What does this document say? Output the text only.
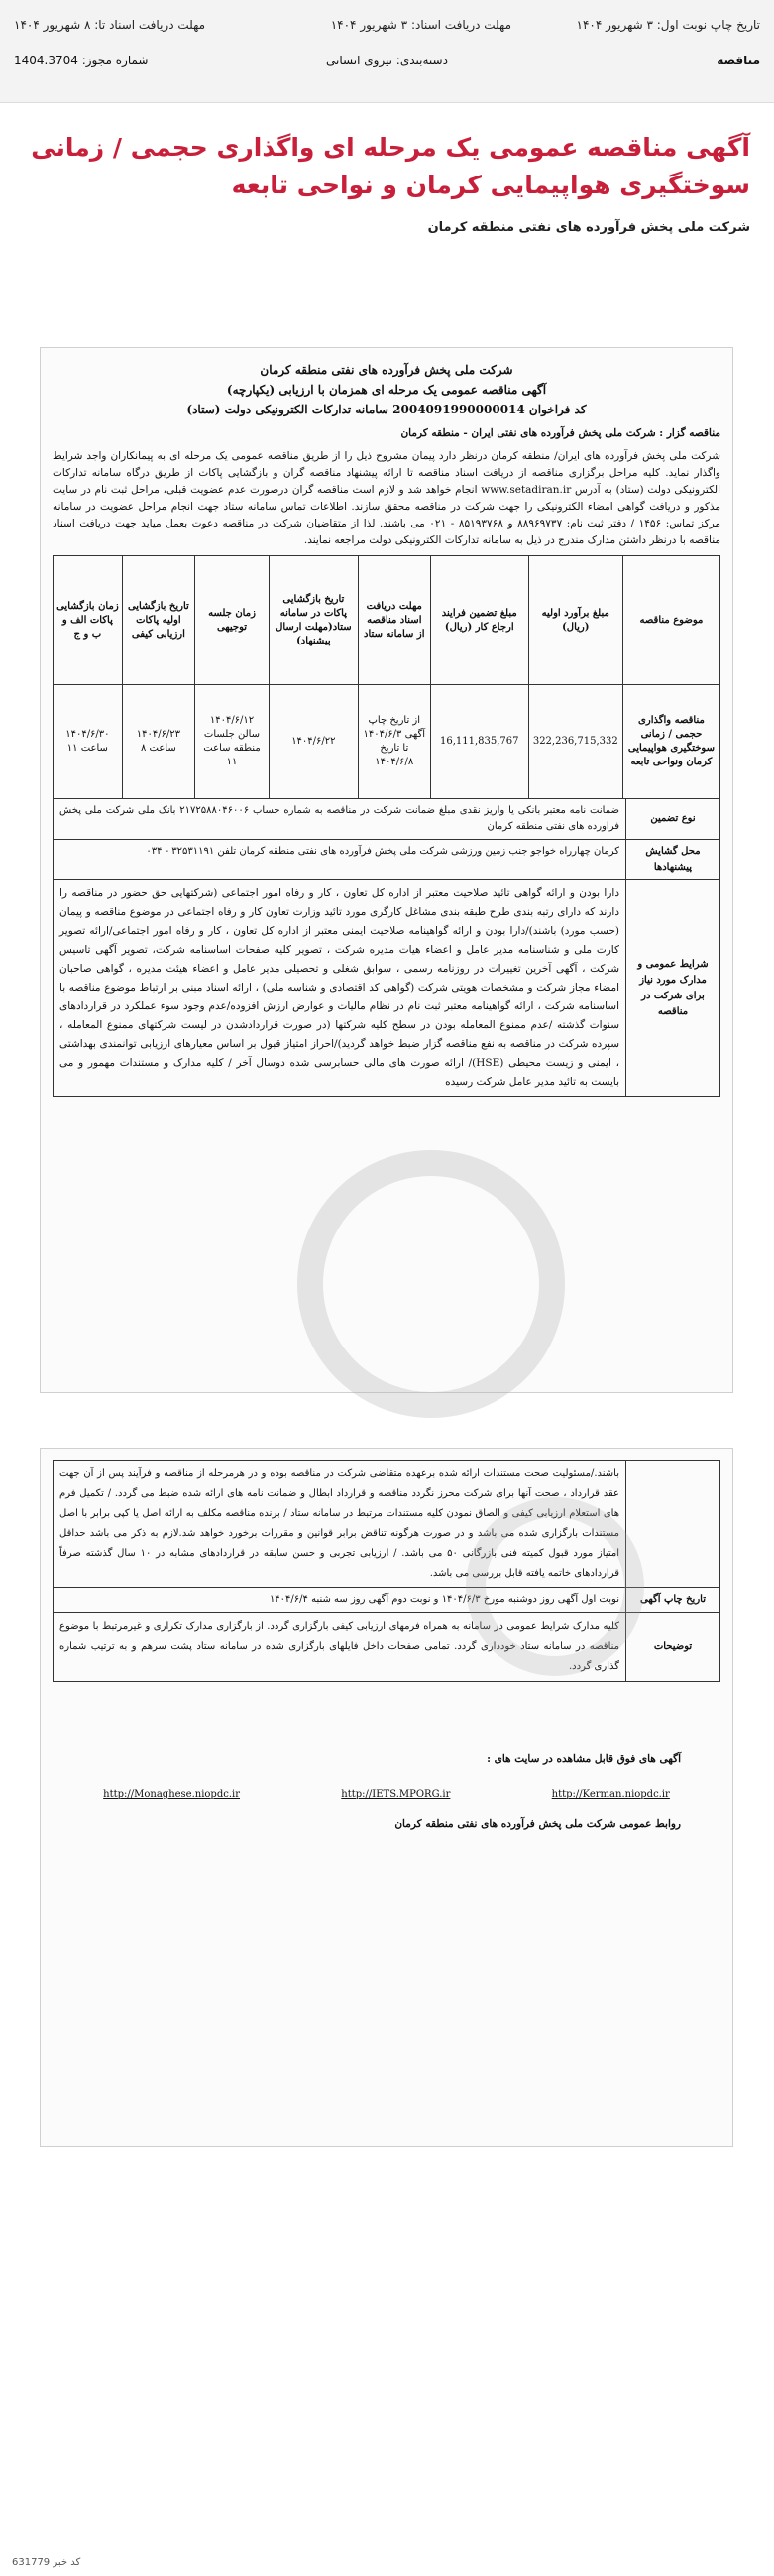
تاریخ چاپ نوبت اول: ۳ شهریور ۱۴۰۴
مهلت دریافت اسناد: ۳ شهریور ۱۴۰۴
مهلت دریافت اسناد تا: ۸ شهریور ۱۴۰۴
مناقصه
دسته‌بندی: نیروی انسانی
شماره مجوز: 1404.3704
آگهی مناقصه عمومی یک مرحله ای واگذاری حجمی / زمانی سوختگیری هواپیمایی کرمان و نواحی تابعه
شرکت ملی پخش فرآورده های نفتی منطقه کرمان
شرکت ملی پخش فرآورده های نفتی منطقه کرمان
آگهی مناقصه عمومی یک مرحله ای همزمان با ارزیابی (یکپارچه)
کد فراخوان 2004091990000014 سامانه تدارکات الکترونیکی دولت (ستاد)
مناقصه گزار : شرکت ملی پخش فرآورده های نفتی ایران - منطقه کرمان
شرکت ملی پخش فرآورده های ایران/ منطقه کرمان درنظر دارد پیمان مشروح ذیل را از طریق مناقصه عمومی یک مرحله ای به پیمانکاران واجد شرایط واگذار نماید. کلیه مراحل برگزاری مناقصه از دریافت اسناد مناقصه تا ارائه پیشنهاد مناقصه گران و بازگشایی پاکات از طریق درگاه سامانه تدارکات الکترونیکی دولت (ستاد) به آدرس www.setadiran.ir انجام خواهد شد و لازم است مناقصه گران درصورت عدم عضویت قبلی، مراحل ثبت نام در سایت مذکور و دریافت گواهی امضاء الکترونیکی را جهت شرکت در مناقصه محقق سازند. اطلاعات تماس سامانه ستاد جهت انجام مراحل عضویت در سامانه مرکز تماس: ۱۴۵۶ / دفتر ثبت نام: ۸۸۹۶۹۷۳۷ و ۸۵۱۹۳۷۶۸ - ۰۲۱ می باشند. لذا از متقاضیان شرکت در مناقصه دعوت بعمل میاید جهت دریافت اسناد مناقصه با درنظر داشتن مدارک مندرج در ذیل به سامانه تدارکات الکترونیکی دولت مراجعه نمایند.
موضوع مناقصه	مبلغ برآورد اولیه (ریال)	مبلغ تضمین فرایند ارجاع کار (ریال)	مهلت دریافت اسناد مناقصه از سامانه ستاد	تاریخ بازگشایی پاکات در سامانه ستاد(مهلت ارسال پیشنهاد)	زمان جلسه توجیهی	تاریخ بازگشایی اولیه پاکات ارزیابی کیفی	زمان بازگشایی پاکات الف و ب و ج
مناقصه واگذاری حجمی / زمانی سوختگیری هواپیمایی کرمان ونواحی تابعه	322,236,715,332	16,111,835,767	از تاریخ چاپ آگهی ۱۴۰۴/۶/۳ تا تاریخ ۱۴۰۴/۶/۸	۱۴۰۴/۶/۲۲	۱۴۰۴/۶/۱۲ سالن جلسات منطقه ساعت ۱۱	۱۴۰۴/۶/۲۳ ساعت ۸	۱۴۰۴/۶/۳۰ ساعت ۱۱
نوع تضمین	ضمانت نامه معتبر بانکی یا واریز نقدی مبلغ ضمانت شرکت در مناقصه به شماره حساب ۲۱۷۲۵۸۸۰۴۶۰۰۶ بانک ملی شرکت ملی پخش فراورده های نفتی منطقه کرمان
محل گشایش پیشنهادها	کرمان چهارراه خواجو جنب زمین ورزشی شرکت ملی پخش فرآورده های نفتی منطقه کرمان تلفن ۳۲۵۳۱۱۹۱ - ۰۳۴
شرایط عمومی و مدارک مورد نیاز برای شرکت در مناقصه	دارا بودن و ارائه گواهی تائید صلاحیت معتبر از اداره کل تعاون ، کار و رفاه امور اجتماعی (شرکتهایی حق حضور در مناقصه را دارند که دارای رتبه بندی طرح طبقه بندی مشاغل کارگری مورد تائید وزارت تعاون کار و رفاه اجتماعی در موضوع مناقصه و پیمان (حسب مورد) باشند)/دارا بودن و ارائه گواهینامه صلاحیت ایمنی معتبر از اداره کل تعاون ، کار و رفاه امور اجتماعی/ارائه تصویر کارت ملی و شناسنامه مدیر عامل و اعضاء هیات مدیره شرکت ، تصویر کلیه صفحات اساسنامه شرکت، تصویر آگهی تاسیس شرکت ، آگهی آخرین تغییرات در روزنامه رسمی ، سوابق شغلی و تحصیلی مدیر عامل و اعضاء هیئت مدیره ، گواهی صاحبان امضاء مجاز شرکت و مشخصات هویتی شرکت (گواهی کد اقتصادی و شناسه ملی) ، ارائه اسناد مبنی بر ارتباط موضوع مناقصه با اساسنامه شرکت ، ارائه گواهینامه معتبر ثبت نام در نظام مالیات و عوارض ارزش افزوده/عدم وجود سوء عملکرد در قراردادهای سنوات گذشته /عدم ممنوع المعامله بودن در سطح کلیه شرکتها (در صورت قراردادشدن در لیست شرکتهای ممنوع المعامله ، سپرده شرکت در مناقصه به نفع مناقصه گزار ضبط خواهد گردید)/احراز امتیاز قبول بر اساس معیارهای ارزیابی توانمندی بهداشتی ، ایمنی و زیست محیطی (HSE)/ ارائه صورت های مالی حسابرسی شده دوسال آخر / کلیه مدارک و مستندات مهمور و می بایست به تائید مدیر عامل شرکت رسیده
	باشند./مسئولیت صحت مستندات ارائه شده برعهده متقاضی شرکت در مناقصه بوده و در هرمرحله از مناقصه و فرآیند پس از آن جهت عقد قرارداد ، صحت آنها برای شرکت محرز نگردد مناقصه و قرارداد ابطال و ضمانت نامه های ارائه شده ضبط می گردد. / تکمیل فرم های استعلام ارزیابی کیفی و الصاق نمودن کلیه مستندات مرتبط در سامانه ستاد / برنده مناقصه مکلف به ارائه اصل یا کپی برابر با اصل مستندات بارگزاری شده می باشد و در صورت هرگونه تناقض برابر قوانین و مقررات برخورد خواهد شد.لازم به ذکر می باشد حداقل امتیاز مورد قبول کمیته فنی بازرگانی ۵۰ می باشد. / ارزیابی تجربی و حسن سابقه در قراردادهای مشابه در ۱۰ سال گذشته صرفاً قراردادهای خاتمه یافته قابل بررسی می باشد.
تاریخ چاپ آگهی	نوبت اول آگهی روز دوشنبه مورخ ۱۴۰۴/۶/۳ و نوبت دوم آگهی روز سه شنبه ۱۴۰۴/۶/۴
توضیحات	کلیه مدارک شرایط عمومی در سامانه به همراه فرمهای ارزیابی کیفی بارگزاری گردد. از بارگزاری مدارک تکراری و غیرمرتبط با موضوع مناقصه در سامانه ستاد خودداری گردد. تمامی صفحات داخل فایلهای بارگزاری شده در سامانه ستاد پشت سرهم و به ترتیب شماره گذاری گردد.
آگهی های فوق قابل مشاهده در سایت های :
http://Monaghese.niopdc.ir	http://IETS.MPORG.ir	http://Kerman.niopdc.ir
روابط عمومی شرکت ملی پخش فرآورده های نفتی منطقه کرمان
کد خبر 631779
